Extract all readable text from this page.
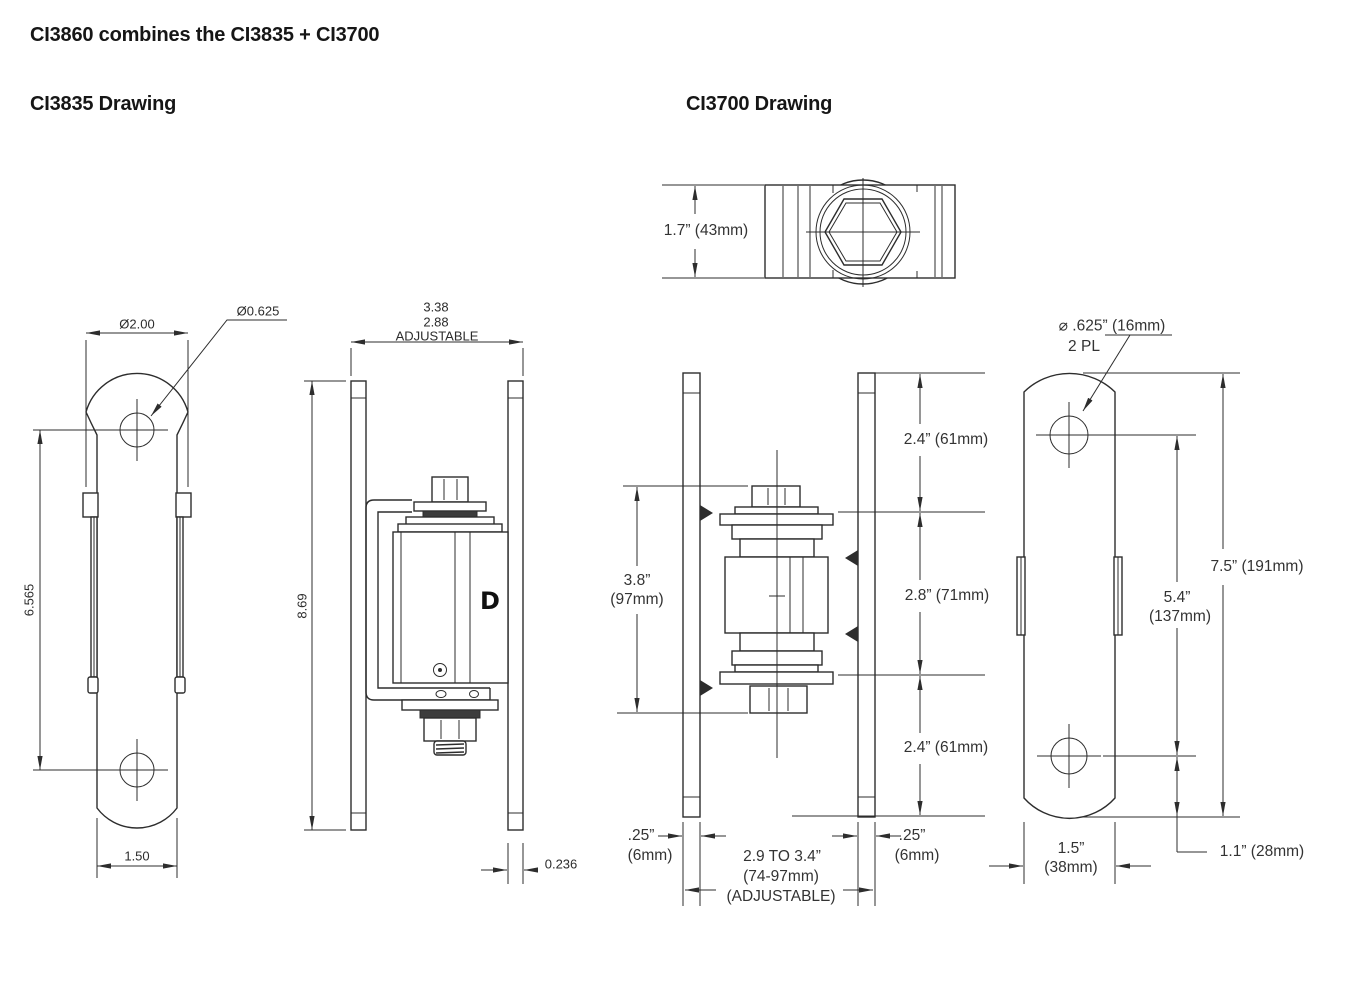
CI3860 combines the CI3835 + CI3700
CI3835 Drawing	CI3700 Drawing
Ø2.00
Ø0.625
6.565
1.50
3.38
2.88
ADJUSTABLE
8.69
0.236
D
1.7” (43mm)
3.8”
(97mm)
2.4” (61mm)
2.8” (71mm)
2.4” (61mm)
.25”
(6mm)
.25”
(6mm)
2.9 TO 3.4”
(74-97mm)
(ADJUSTABLE)
⌀ .625” (16mm)
2 PL
7.5” (191mm)
5.4”
(137mm)
1.1” (28mm)
1.5”
(38mm)
